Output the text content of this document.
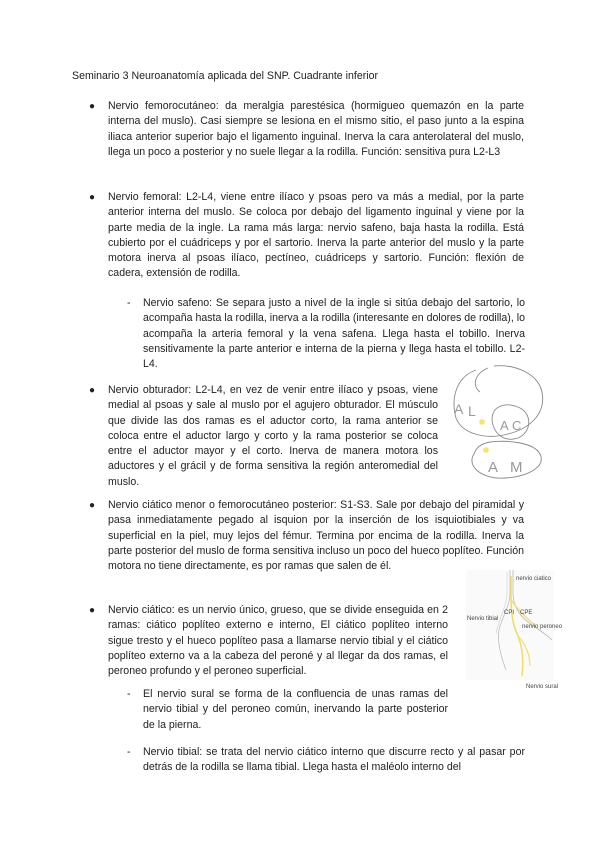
Seminario 3 Neuroanatomía aplicada del SNP. Cuadrante inferior
● Nervio femorocutáneo: da meralgia parestésica (hormigueo quemazón en la parte interna del muslo). Casi siempre se lesiona en el mismo sitio, el paso junto a la espina iliaca anterior superior bajo el ligamento inguinal. Inerva la cara anterolateral del muslo, llega un poco a posterior y no suele llegar a la rodilla. Función: sensitiva pura L2-L3
● Nervio femoral: L2-L4, viene entre ilíaco y psoas pero va más a medial, por la parte anterior interna del muslo. Se coloca por debajo del ligamento inguinal y viene por la parte media de la ingle. La rama más larga: nervio safeno, baja hasta la rodilla. Está cubierto por el cuádriceps y por el sartorio. Inerva la parte anterior del muslo y la parte motora inerva al psoas ilíaco, pectíneo, cuádriceps y sartorio. Función: flexión de cadera, extensión de rodilla.
- Nervio safeno: Se separa justo a nivel de la ingle si sitúa debajo del sartorio, lo acompaña hasta la rodilla, inerva a la rodilla (interesante en dolores de rodilla), lo acompaña la arteria femoral y la vena safena. Llega hasta el tobillo. Inerva sensitivamente la parte anterior e interna de la pierna y llega hasta el tobillo. L2-L4.
● Nervio obturador: L2-L4, en vez de venir entre ilíaco y psoas, viene medial al psoas y sale al muslo por el agujero obturador. El músculo que divide las dos ramas es el aductor corto, la rama anterior se coloca entre el aductor largo y corto y la rama posterior se coloca entre el aductor mayor y el corto. Inerva de manera motora los aductores y el grácil y de forma sensitiva la región anteromedial del muslo.
A L
A C
A M
● Nervio ciático menor o femorocutáneo posterior: S1-S3. Sale por debajo del piramidal y pasa inmediatamente pegado al isquion por la inserción de los isquiotibiales y va superficial en la piel, muy lejos del fémur. Termina por encima de la rodilla. Inerva la parte posterior del muslo de forma sensitiva incluso un poco del hueco poplíteo. Función motora no tiene directamente, es por ramas que salen de él.
● Nervio ciático: es un nervio único, grueso, que se divide enseguida en 2 ramas: ciático poplíteo externo e interno, El ciático poplíteo interno sigue tresto y el hueco poplíteo pasa a llamarse nervio tibial y el ciático poplíteo externo va a la cabeza del peroné y al llegar da dos ramas, el peroneo profundo y el peroneo superficial.
nervio ciatico
CPI CPE
nervio peroneo
Nervio tibial
Nervio sural
- El nervio sural se forma de la confluencia de unas ramas del nervio tibial y del peroneo común, inervando la parte posterior de la pierna.
- Nervio tibial: se trata del nervio ciático interno que discurre recto y al pasar por detrás de la rodilla se llama tibial. Llega hasta el maléolo interno del
